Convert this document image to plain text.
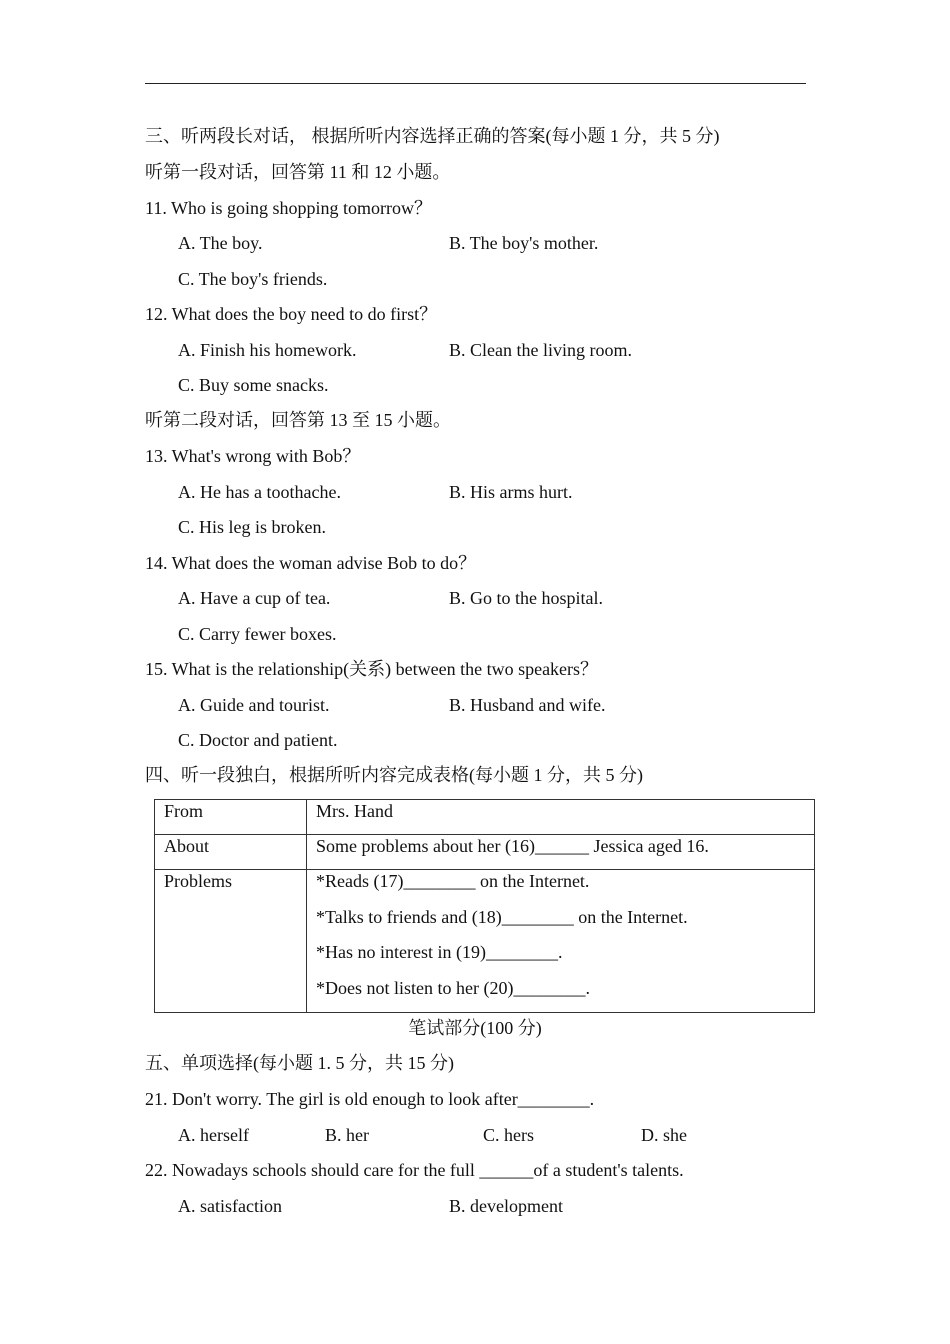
三、听两段长对话， 根据所听内容选择正确的答案(每小题 1 分，共 5 分)
听第一段对话，回答第 11 和 12 小题。
11. Who is going shopping tomorrow？
A. The boy.	B. The boy's mother.
C. The boy's friends.
12. What does the boy need to do first？
A. Finish his homework.	B. Clean the living room.
C. Buy some snacks.
听第二段对话，回答第 13 至 15 小题。
13. What's wrong with Bob？
A. He has a toothache.	B. His arms hurt.
C. His leg is broken.
14. What does the woman advise Bob to do？
A. Have a cup of tea.	B. Go to the hospital.
C. Carry fewer boxes.
15. What is the relationship(关系) between the two speakers？
A. Guide and tourist.	B. Husband and wife.
C. Doctor and patient.
四、听一段独白，根据所听内容完成表格(每小题 1 分，共 5 分)
From	Mrs. Hand
About	Some problems about her (16)______ Jessica aged 16.
Problems	*Reads (17)________ on the Internet.
*Talks to friends and (18)________ on the Internet.
*Has no interest in (19)________.
*Does not listen to her (20)________.
笔试部分(100 分)
五、单项选择(每小题 1. 5 分，共 15 分)
21. Don't worry. The girl is old enough to look after________.
A. herself	B. her	C. hers	D. she
22. Nowadays schools should care for the full ______of a student's talents.
A. satisfaction	B. development
